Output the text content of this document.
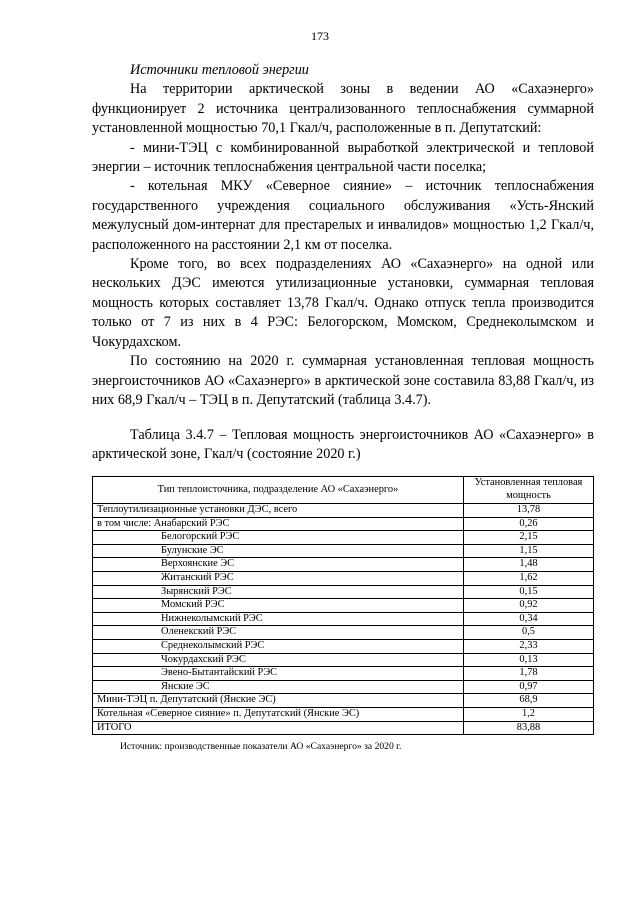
173

Источники тепловой энергии

На территории арктической зоны в ведении АО «Сахаэнерго» функционирует 2 источника централизованного теплоснабжения суммарной установленной мощностью 70,1 Гкал/ч, расположенные в п. Депутатский:

- мини-ТЭЦ с комбинированной выработкой электрической и тепловой энергии – источник теплоснабжения центральной части поселка;

- котельная МКУ «Северное сияние» – источник теплоснабжения государственного учреждения социального обслуживания «Усть-Янский межулусный дом-интернат для престарелых и инвалидов» мощностью 1,2 Гкал/ч, расположенного на расстоянии 2,1 км от поселка.

Кроме того, во всех подразделениях АО «Сахаэнерго» на одной или нескольких ДЭС имеются утилизационные установки, суммарная тепловая мощность которых составляет 13,78 Гкал/ч. Однако отпуск тепла производится только от 7 из них в 4 РЭС: Белогорском, Момском, Среднеколымском и Чокурдахском.

По состоянию на 2020 г. суммарная установленная тепловая мощность энергоисточников АО «Сахаэнерго» в арктической зоне составила 83,88 Гкал/ч, из них 68,9 Гкал/ч – ТЭЦ в п. Депутатский (таблица 3.4.7).

Таблица 3.4.7 – Тепловая мощность энергоисточников АО «Сахаэнерго» в арктической зоне, Гкал/ч (состояние 2020 г.)
Тип теплоисточника, подразделение АО «Сахаэнерго»	Установленная тепловая мощность
Теплоутилизационные установки ДЭС, всего	13,78
в том числе: Анабарский РЭС	0,26
Белогорский РЭС	2,15
Булунские ЭС	1,15
Верхоянские ЭС	1,48
Житанский РЭС	1,62
Зырянский РЭС	0,15
Момский РЭС	0,92
Нижнеколымский РЭС	0,34
Оленекский РЭС	0,5
Среднеколымский РЭС	2,33
Чокурдахский РЭС	0,13
Эвено-Бытантайский РЭС	1,78
Янские ЭС	0,97
Мини-ТЭЦ п. Депутатский (Янские ЭС)	68,9
Котельная «Северное сияние» п. Депутатский (Янские ЭС)	1,2
ИТОГО	83,88
Источник: производственные показатели АО «Сахаэнерго» за 2020 г.
